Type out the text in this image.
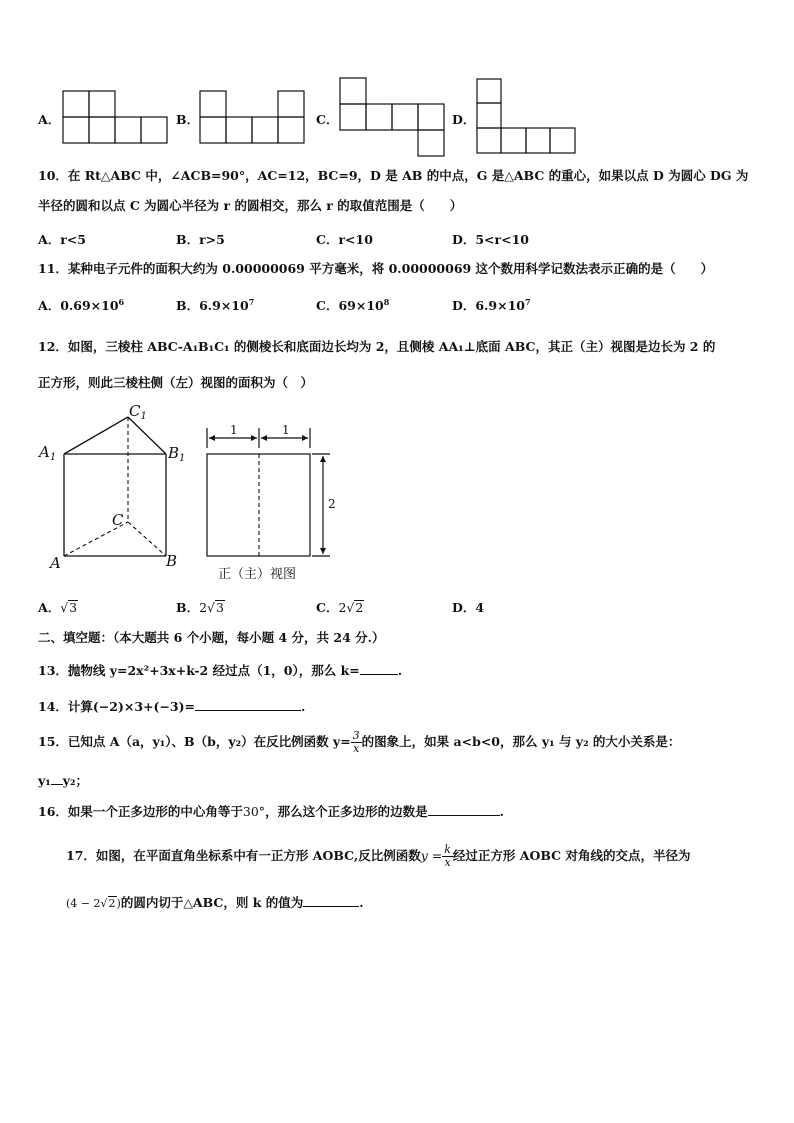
A．	B．	C．	D．
10．在 Rt△ABC 中，∠ACB=90°，AC=12，BC=9，D 是 AB 的中点，G 是△ABC 的重心，如果以点 D 为圆心 DG 为
半径的圆和以点 C 为圆心半径为 r 的圆相交，那么 r 的取值范围是（　　）
A．r<5	B．r>5	C．r<10	D．5<r<10
11．某种电子元件的面积大约为 0.00000069 平方毫米，将 0.00000069 这个数用科学记数法表示正确的是（　　）
A．$0.69\times 10^6$	B．$6.9\times 10^7$	C．$69\times 10^8$	D．$6.9\times 10^7$
12．如图，三棱柱 ABC-A₁B₁C₁ 的侧棱长和底面边长均为 2，且侧棱 AA₁⊥底面 ABC，其正（主）视图是边长为 2 的
正方形，则此三棱柱侧（左）视图的面积为（　）
$C_1$
$A_1$	$B_1$
C
A	B
1	1
2
正（主）视图
A．√3	B．2√3	C．2√2	D．4
二、填空题：（本大题共 6 个小题，每小题 4 分，共 24 分.）
13．抛物线 y=2x²+3x+k-2 经过点（1，0），那么 k=	.
14．计算(−2)×3+(−3)=	.
15．已知点 A（a，y₁）、B（b，y₂）在反比例函数 $y= \frac{3}{x}$ 的图象上，如果 a<b<0，那么 y₁ 与 y₂ 的大小关系是：
y₁ y₂；
16．如果一个正多边形的中心角等于30°，那么这个正多边形的边数是	.
17．如图，在平面直角坐标系中有一正方形 AOBC,反比例函数$y = \frac{k}{x}$ 经过正方形 AOBC 对角线的交点，半径为
(4 − 2√2)的圆内切于△ABC，则 k 的值为	.
